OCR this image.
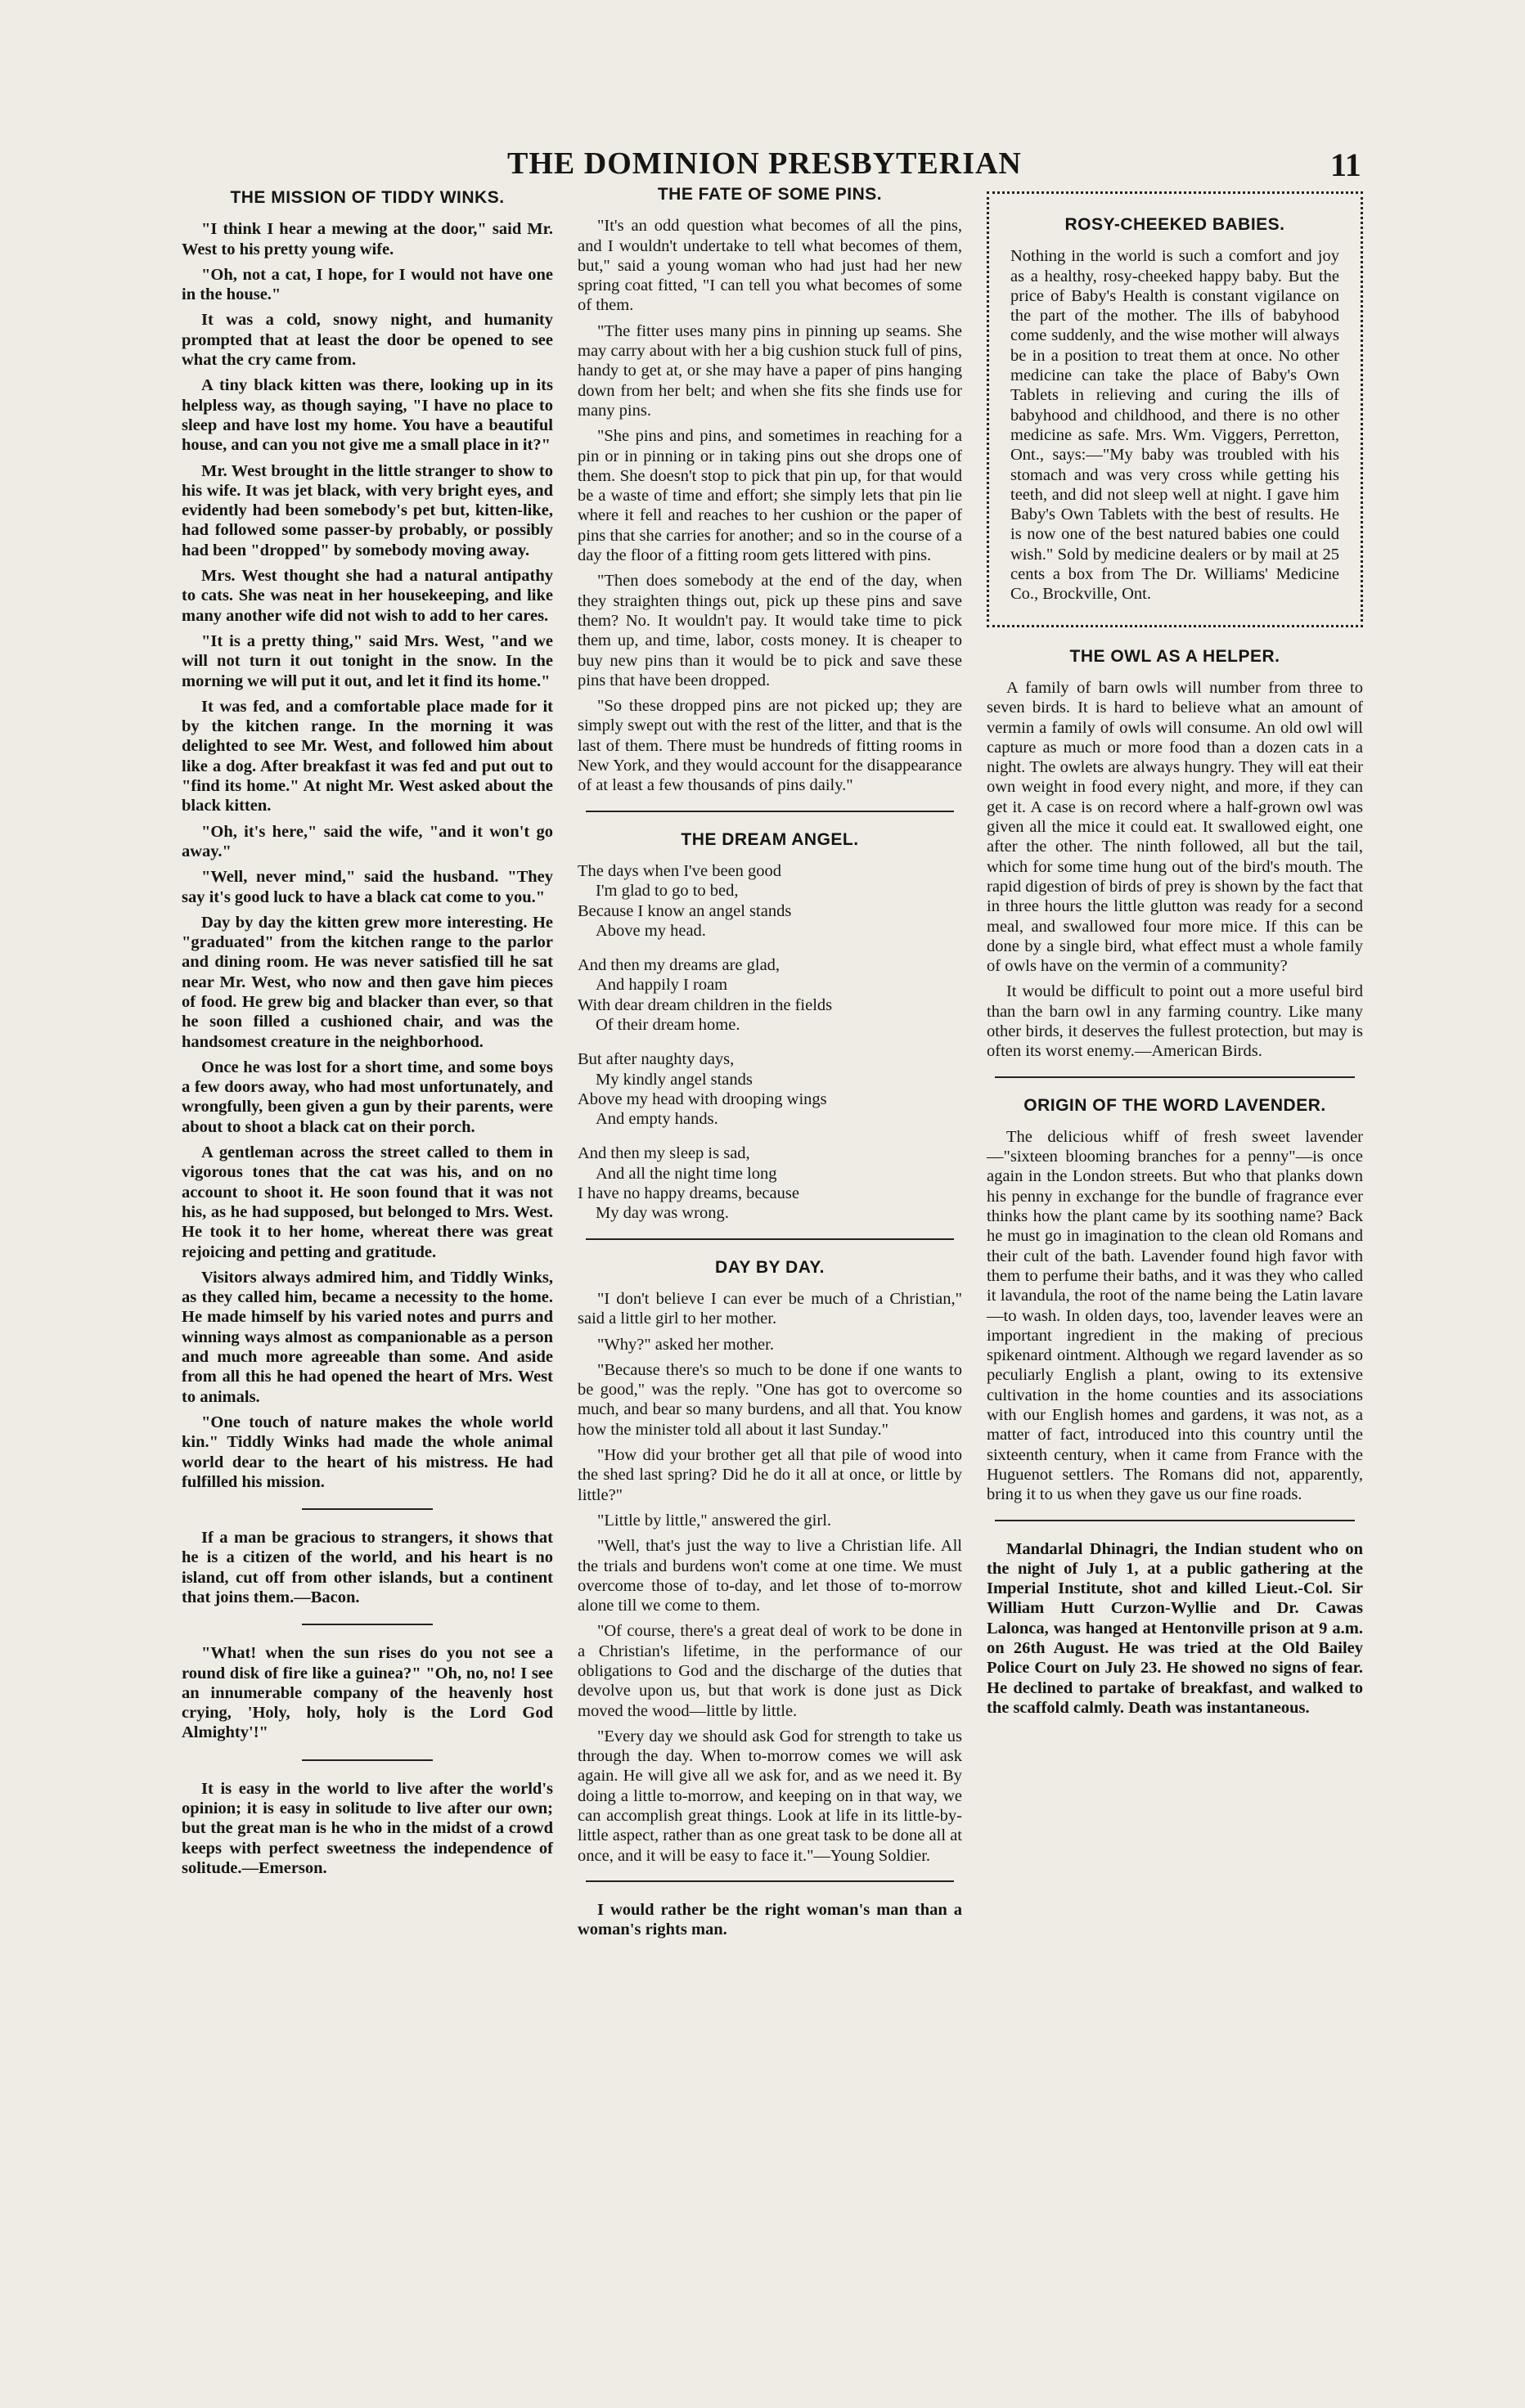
THE DOMINION PRESBYTERIAN	11
THE MISSION OF TIDDY WINKS.

"I think I hear a mewing at the door," said Mr. West to his pretty young wife.

"Oh, not a cat, I hope, for I would not have one in the house."

It was a cold, snowy night, and humanity prompted that at least the door be opened to see what the cry came from.

A tiny black kitten was there, looking up in its helpless way, as though saying, "I have no place to sleep and have lost my home. You have a beautiful house, and can you not give me a small place in it?"

Mr. West brought in the little stranger to show to his wife. It was jet black, with very bright eyes, and evidently had been somebody's pet but, kitten-like, had followed some passer-by probably, or possibly had been "dropped" by somebody moving away.

Mrs. West thought she had a natural antipathy to cats. She was neat in her housekeeping, and like many another wife did not wish to add to her cares.

"It is a pretty thing," said Mrs. West, "and we will not turn it out tonight in the snow. In the morning we will put it out, and let it find its home."

It was fed, and a comfortable place made for it by the kitchen range. In the morning it was delighted to see Mr. West, and followed him about like a dog. After breakfast it was fed and put out to "find its home." At night Mr. West asked about the black kitten.

"Oh, it's here," said the wife, "and it won't go away."

"Well, never mind," said the husband. "They say it's good luck to have a black cat come to you."

Day by day the kitten grew more interesting. He "graduated" from the kitchen range to the parlor and dining room. He was never satisfied till he sat near Mr. West, who now and then gave him pieces of food. He grew big and blacker than ever, so that he soon filled a cushioned chair, and was the handsomest creature in the neighborhood.

Once he was lost for a short time, and some boys a few doors away, who had most unfortunately, and wrongfully, been given a gun by their parents, were about to shoot a black cat on their porch.

A gentleman across the street called to them in vigorous tones that the cat was his, and on no account to shoot it. He soon found that it was not his, as he had supposed, but belonged to Mrs. West. He took it to her home, whereat there was great rejoicing and petting and gratitude.

Visitors always admired him, and Tiddly Winks, as they called him, became a necessity to the home. He made himself by his varied notes and purrs and winning ways almost as companionable as a person and much more agreeable than some. And aside from all this he had opened the heart of Mrs. West to animals.

"One touch of nature makes the whole world kin." Tiddly Winks had made the whole animal world dear to the heart of his mistress. He had fulfilled his mission.

If a man be gracious to strangers, it shows that he is a citizen of the world, and his heart is no island, cut off from other islands, but a continent that joins them.—Bacon.

"What! when the sun rises do you not see a round disk of fire like a guinea?" "Oh, no, no! I see an innumerable company of the heavenly host crying, 'Holy, holy, holy is the Lord God Almighty'!"

It is easy in the world to live after the world's opinion; it is easy in solitude to live after our own; but the great man is he who in the midst of a crowd keeps with perfect sweetness the independence of solitude.—Emerson.

THE FATE OF SOME PINS.

"It's an odd question what becomes of all the pins, and I wouldn't undertake to tell what becomes of them, but," said a young woman who had just had her new spring coat fitted, "I can tell you what becomes of some of them.

"The fitter uses many pins in pinning up seams. She may carry about with her a big cushion stuck full of pins, handy to get at, or she may have a paper of pins hanging down from her belt; and when she fits she finds use for many pins.

"She pins and pins, and sometimes in reaching for a pin or in pinning or in taking pins out she drops one of them. She doesn't stop to pick that pin up, for that would be a waste of time and effort; she simply lets that pin lie where it fell and reaches to her cushion or the paper of pins that she carries for another; and so in the course of a day the floor of a fitting room gets littered with pins.

"Then does somebody at the end of the day, when they straighten things out, pick up these pins and save them? No. It wouldn't pay. It would take time to pick them up, and time, labor, costs money. It is cheaper to buy new pins than it would be to pick and save these pins that have been dropped.

"So these dropped pins are not picked up; they are simply swept out with the rest of the litter, and that is the last of them. There must be hundreds of fitting rooms in New York, and they would account for the disappearance of at least a few thousands of pins daily."

THE DREAM ANGEL.
The days when I've been good
I'm glad to go to bed,
Because I know an angel stands
Above my head.
And then my dreams are glad,
And happily I roam
With dear dream children in the fields
Of their dream home.
But after naughty days,
My kindly angel stands
Above my head with drooping wings
And empty hands.
And then my sleep is sad,
And all the night time long
I have no happy dreams, because
My day was wrong.
DAY BY DAY.

"I don't believe I can ever be much of a Christian," said a little girl to her mother.

"Why?" asked her mother.

"Because there's so much to be done if one wants to be good," was the reply. "One has got to overcome so much, and bear so many burdens, and all that. You know how the minister told all about it last Sunday."

"How did your brother get all that pile of wood into the shed last spring? Did he do it all at once, or little by little?"

"Little by little," answered the girl.

"Well, that's just the way to live a Christian life. All the trials and burdens won't come at one time. We must overcome those of to-day, and let those of to-morrow alone till we come to them.

"Of course, there's a great deal of work to be done in a Christian's lifetime, in the performance of our obligations to God and the discharge of the duties that devolve upon us, but that work is done just as Dick moved the wood—little by little.

"Every day we should ask God for strength to take us through the day. When to-morrow comes we will ask again. He will give all we ask for, and as we need it. By doing a little to-morrow, and keeping on in that way, we can accomplish great things. Look at life in its little-by-little aspect, rather than as one great task to be done all at once, and it will be easy to face it."—Young Soldier.

I would rather be the right woman's man than a woman's rights man.

ROSY-CHEEKED BABIES.

Nothing in the world is such a comfort and joy as a healthy, rosy-cheeked happy baby. But the price of Baby's Health is constant vigilance on the part of the mother. The ills of babyhood come suddenly, and the wise mother will always be in a position to treat them at once. No other medicine can take the place of Baby's Own Tablets in relieving and curing the ills of babyhood and childhood, and there is no other medicine as safe. Mrs. Wm. Viggers, Perretton, Ont., says:—"My baby was troubled with his stomach and was very cross while getting his teeth, and did not sleep well at night. I gave him Baby's Own Tablets with the best of results. He is now one of the best natured babies one could wish." Sold by medicine dealers or by mail at 25 cents a box from The Dr. Williams' Medicine Co., Brockville, Ont.

THE OWL AS A HELPER.

A family of barn owls will number from three to seven birds. It is hard to believe what an amount of vermin a family of owls will consume. An old owl will capture as much or more food than a dozen cats in a night. The owlets are always hungry. They will eat their own weight in food every night, and more, if they can get it. A case is on record where a half-grown owl was given all the mice it could eat. It swallowed eight, one after the other. The ninth followed, all but the tail, which for some time hung out of the bird's mouth. The rapid digestion of birds of prey is shown by the fact that in three hours the little glutton was ready for a second meal, and swallowed four more mice. If this can be done by a single bird, what effect must a whole family of owls have on the vermin of a community?

It would be difficult to point out a more useful bird than the barn owl in any farming country. Like many other birds, it deserves the fullest protection, but may is often its worst enemy.—American Birds.

ORIGIN OF THE WORD LAVENDER.

The delicious whiff of fresh sweet lavender—"sixteen blooming branches for a penny"—is once again in the London streets. But who that planks down his penny in exchange for the bundle of fragrance ever thinks how the plant came by its soothing name? Back he must go in imagination to the clean old Romans and their cult of the bath. Lavender found high favor with them to perfume their baths, and it was they who called it lavandula, the root of the name being the Latin lavare—to wash. In olden days, too, lavender leaves were an important ingredient in the making of precious spikenard ointment. Although we regard lavender as so peculiarly English a plant, owing to its extensive cultivation in the home counties and its associations with our English homes and gardens, it was not, as a matter of fact, introduced into this country until the sixteenth century, when it came from France with the Huguenot settlers. The Romans did not, apparently, bring it to us when they gave us our fine roads.

Mandarlal Dhinagri, the Indian student who on the night of July 1, at a public gathering at the Imperial Institute, shot and killed Lieut.-Col. Sir William Hutt Curzon-Wyllie and Dr. Cawas Lalonca, was hanged at Hentonville prison at 9 a.m. on 26th August. He was tried at the Old Bailey Police Court on July 23. He showed no signs of fear. He declined to partake of breakfast, and walked to the scaffold calmly. Death was instantaneous.
